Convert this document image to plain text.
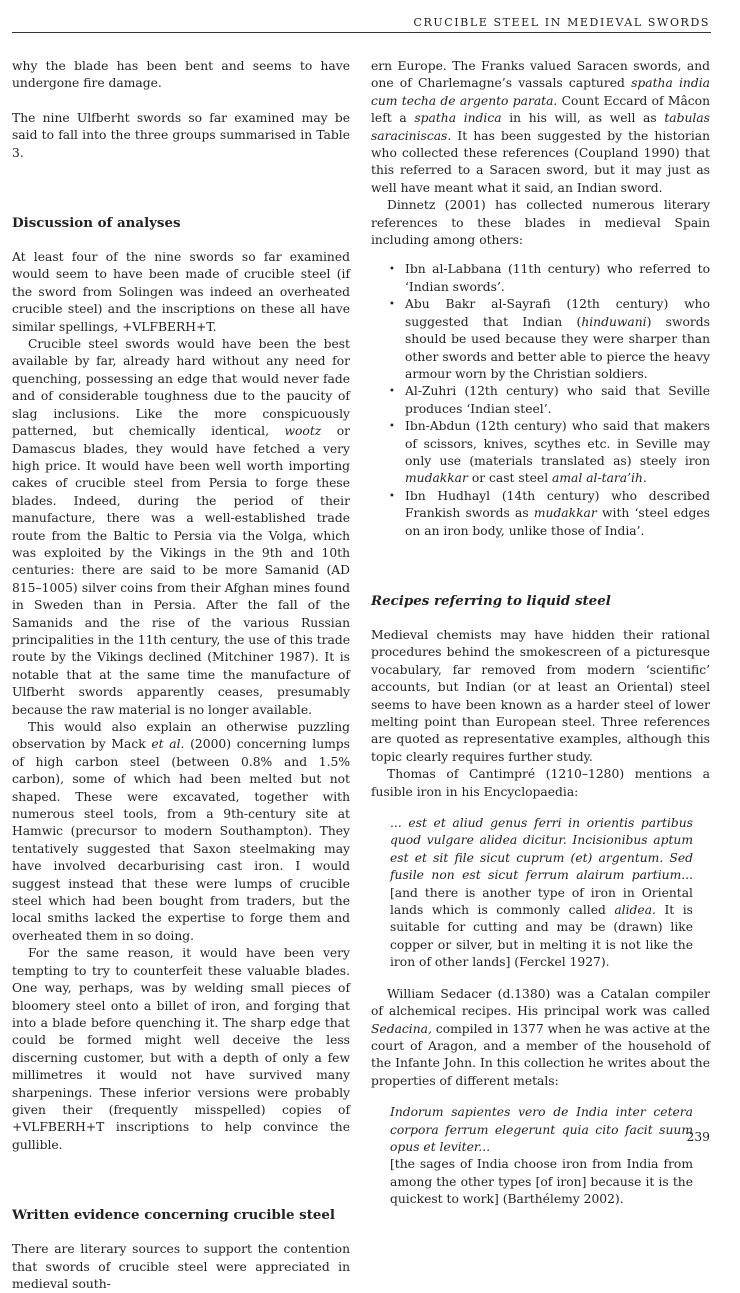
CRUCIBLE STEEL IN MEDIEVAL SWORDS

why the blade has been bent and seems to have undergone fire damage.

The nine Ulfberht swords so far examined may be said to fall into the three groups summarised in Table 3.

Discussion of analyses

At least four of the nine swords so far examined would seem to have been made of crucible steel (if the sword from Solingen was indeed an overheated crucible steel) and the inscriptions on these all have similar spellings, +VLFBERH+T.

Crucible steel swords would have been the best available by far, already hard without any need for quenching, possessing an edge that would never fade and of considerable toughness due to the paucity of slag inclusions. Like the more conspicuously patterned, but chemically identical, wootz or Damascus blades, they would have fetched a very high price. It would have been well worth importing cakes of crucible steel from Persia to forge these blades. Indeed, during the period of their manufacture, there was a well-established trade route from the Baltic to Persia via the Volga, which was exploited by the Vikings in the 9th and 10th centuries: there are said to be more Samanid (AD 815–1005) silver coins from their Afghan mines found in Sweden than in Persia. After the fall of the Samanids and the rise of the various Russian principalities in the 11th century, the use of this trade route by the Vikings declined (Mitchiner 1987). It is notable that at the same time the manufacture of Ulfberht swords apparently ceases, presumably because the raw material is no longer available.

This would also explain an otherwise puzzling observation by Mack et al. (2000) concerning lumps of high carbon steel (between 0.8% and 1.5% carbon), some of which had been melted but not shaped. These were excavated, together with numerous steel tools, from a 9th-century site at Hamwic (precursor to modern Southampton). They tentatively suggested that Saxon steelmaking may have involved decarburising cast iron. I would suggest instead that these were lumps of crucible steel which had been bought from traders, but the local smiths lacked the expertise to forge them and overheated them in so doing.

For the same reason, it would have been very tempting to try to counterfeit these valuable blades. One way, perhaps, was by welding small pieces of bloomery steel onto a billet of iron, and forging that into a blade before quenching it. The sharp edge that could be formed might well deceive the less discerning customer, but with a depth of only a few millimetres it would not have survived many sharpenings. These inferior versions were probably given their (frequently misspelled) copies of +VLFBERH+T inscriptions to help convince the gullible.

Written evidence concerning crucible steel

There are literary sources to support the contention that swords of crucible steel were appreciated in medieval south-

ern Europe. The Franks valued Saracen swords, and one of Charlemagne’s vassals captured spatha india cum techa de argento parata. Count Eccard of Mâcon left a spatha indica in his will, as well as tabulas saraciniscas. It has been suggested by the historian who collected these references (Coupland 1990) that this referred to a Saracen sword, but it may just as well have meant what it said, an Indian sword.

Dinnetz (2001) has collected numerous literary references to these blades in medieval Spain including among others:

• Ibn al-Labbana (11th century) who referred to ‘Indian swords’.
• Abu Bakr al-Sayrafi (12th century) who suggested that Indian (hinduwani) swords should be used because they were sharper than other swords and better able to pierce the heavy armour worn by the Christian soldiers.
• Al-Zuhri (12th century) who said that Seville produces ‘Indian steel’.
• Ibn-Abdun (12th century) who said that makers of scissors, knives, scythes etc. in Seville may only use (materials translated as) steely iron mudakkar or cast steel amal al-tara’ih.
• Ibn Hudhayl (14th century) who described Frankish swords as mudakkar with ‘steel edges on an iron body, unlike those of India’.
Recipes referring to liquid steel

Medieval chemists may have hidden their rational procedures behind the smokescreen of a picturesque vocabulary, far removed from modern ‘scientific’ accounts, but Indian (or at least an Oriental) steel seems to have been known as a harder steel of lower melting point than European steel. Three references are quoted as representative examples, although this topic clearly requires further study.

Thomas of Cantimpré (1210–1280) mentions a fusible iron in his Encyclopaedia:

... est et aliud genus ferri in orientis partibus quod vulgare alidea dicitur. Incisionibus aptum est et sit file sicut cuprum (et) argentum. Sed fusile non est sicut ferrum alairum partium... [and there is another type of iron in Oriental lands which is commonly called alidea. It is suitable for cutting and may be (drawn) like copper or silver, but in melting it is not like the iron of other lands] (Ferckel 1927).

William Sedacer (d.1380) was a Catalan compiler of alchemical recipes. His principal work was called Sedacina, compiled in 1377 when he was active at the court of Aragon, and a member of the household of the Infante John. In this collection he writes about the properties of different metals:

Indorum sapientes vero de India inter cetera corpora ferrum elegerunt quia cito facit suum opus et leviter...

[the sages of India choose iron from India from among the other types [of iron] because it is the quickest to work] (Barthélemy 2002).

239
